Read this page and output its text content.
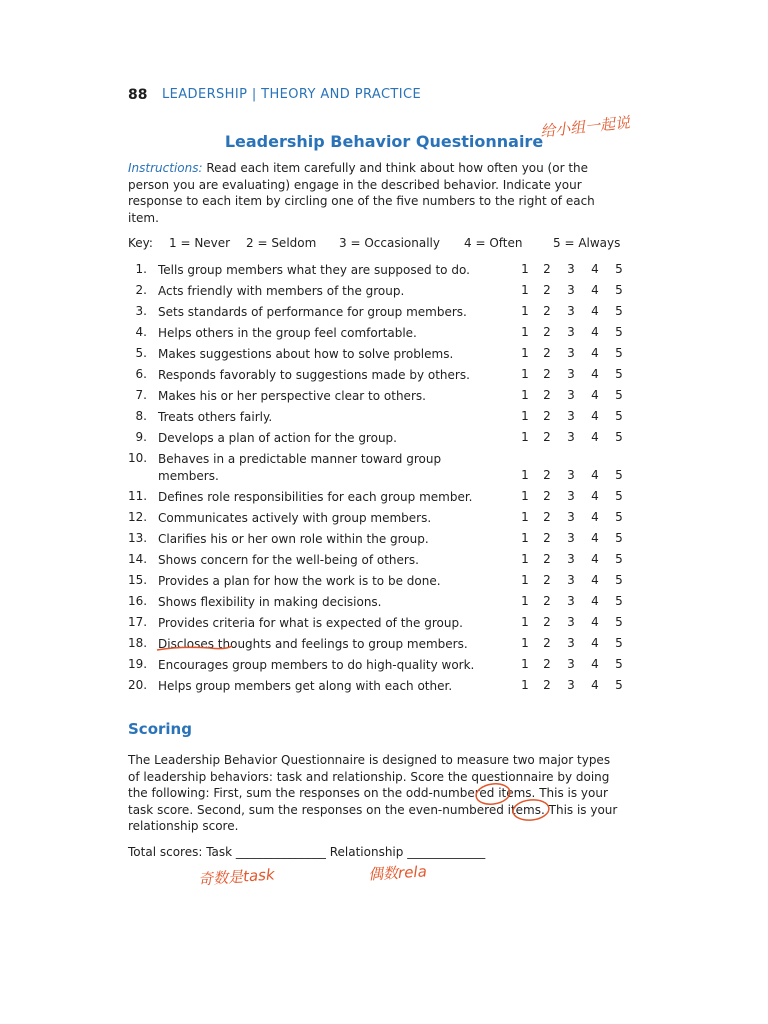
88 LEADERSHIP | THEORY AND PRACTICE
Leadership Behavior Questionnaire
Instructions: Read each item carefully and think about how often you (or the person you are evaluating) engage in the described behavior. Indicate your response to each item by circling one of the five numbers to the right of each item.
Key: 1 = Never 2 = Seldom 3 = Occasionally 4 = Often	5 = Always
1. Tells group members what they are supposed to do.	1 2 3 4 5
2. Acts friendly with members of the group.	1 2 3 4 5
3. Sets standards of performance for group members.	1 2 3 4 5
4. Helps others in the group feel comfortable.	1 2 3 4 5
5. Makes suggestions about how to solve problems.	1 2 3 4 5
6. Responds favorably to suggestions made by others.	1 2 3 4 5
7. Makes his or her perspective clear to others.	1 2 3 4 5
8. Treats others fairly.	1 2 3 4 5
9. Develops a plan of action for the group.	1 2 3 4 5
10. Behaves in a predictable manner toward group
members.	1 2 3 4 5
11. Defines role responsibilities for each group member.	1 2 3 4 5
12. Communicates actively with group members.	1 2 3 4 5
13. Clarifies his or her own role within the group.	1 2 3 4 5
14. Shows concern for the well-being of others.	1 2 3 4 5
15. Provides a plan for how the work is to be done.	1 2 3 4 5
16. Shows flexibility in making decisions.	1 2 3 4 5
17. Provides criteria for what is expected of the group.	1 2 3 4 5
18. Discloses thoughts and feelings to group members.	1 2 3 4 5
19. Encourages group members to do high-quality work.	1 2 3 4 5
20. Helps group members get along with each other.	1 2 3 4 5
Scoring
The Leadership Behavior Questionnaire is designed to measure two major types of leadership behaviors: task and relationship. Score the questionnaire by doing the following: First, sum the responses on the odd-numbered items. This is your task score. Second, sum the responses on the even-numbered items. This is your relationship score.
Total scores: Task _______________ Relationship _____________
给小组一起说
奇数是task	偶数rela
